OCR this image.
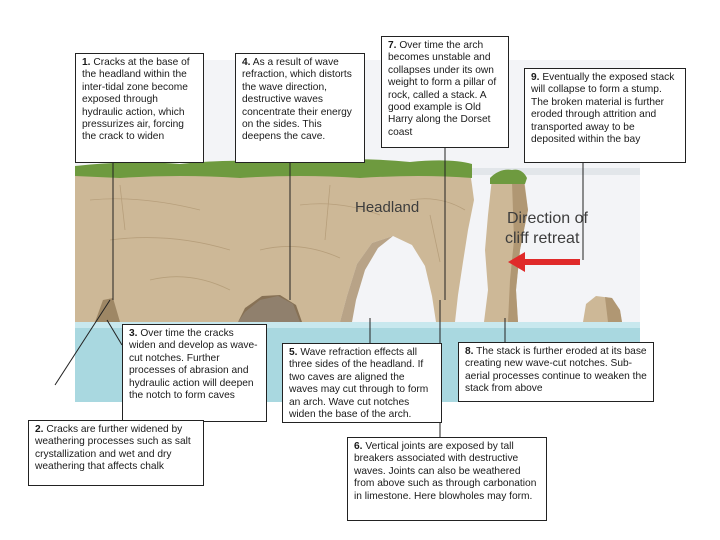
Headland
Direction of
cliff retreat
1. Cracks at the base of the headland within the inter-tidal zone become exposed through hydraulic action, which pressurizes air, forcing the crack to widen
4. As a result of wave refraction, which distorts the wave direction, destructive waves concentrate their energy on the sides. This deepens the cave.
7. Over time the arch becomes unstable and collapses under its own weight to form a pillar of rock, called a stack. A good example is Old Harry along the Dorset coast
9. Eventually the exposed stack will collapse to form a stump. The broken material is further eroded through attrition and transported away to be deposited within the bay
3. Over time the cracks widen and develop as wave-cut notches. Further processes of abrasion and hydraulic action will deepen the notch to form caves
5. Wave refraction effects all three sides of the headland. If two caves are aligned the waves may cut through to form an arch. Wave cut notches widen the base of the arch.
8. The stack is further eroded at its base creating new wave-cut notches. Sub-aerial processes continue to weaken the stack from above
2. Cracks are further widened by weathering processes such as salt crystallization and wet and dry weathering that affects chalk
6. Vertical joints are exposed by tall breakers associated with destructive waves. Joints can also be weathered from above such as through carbonation in limestone. Here blowholes may form.
